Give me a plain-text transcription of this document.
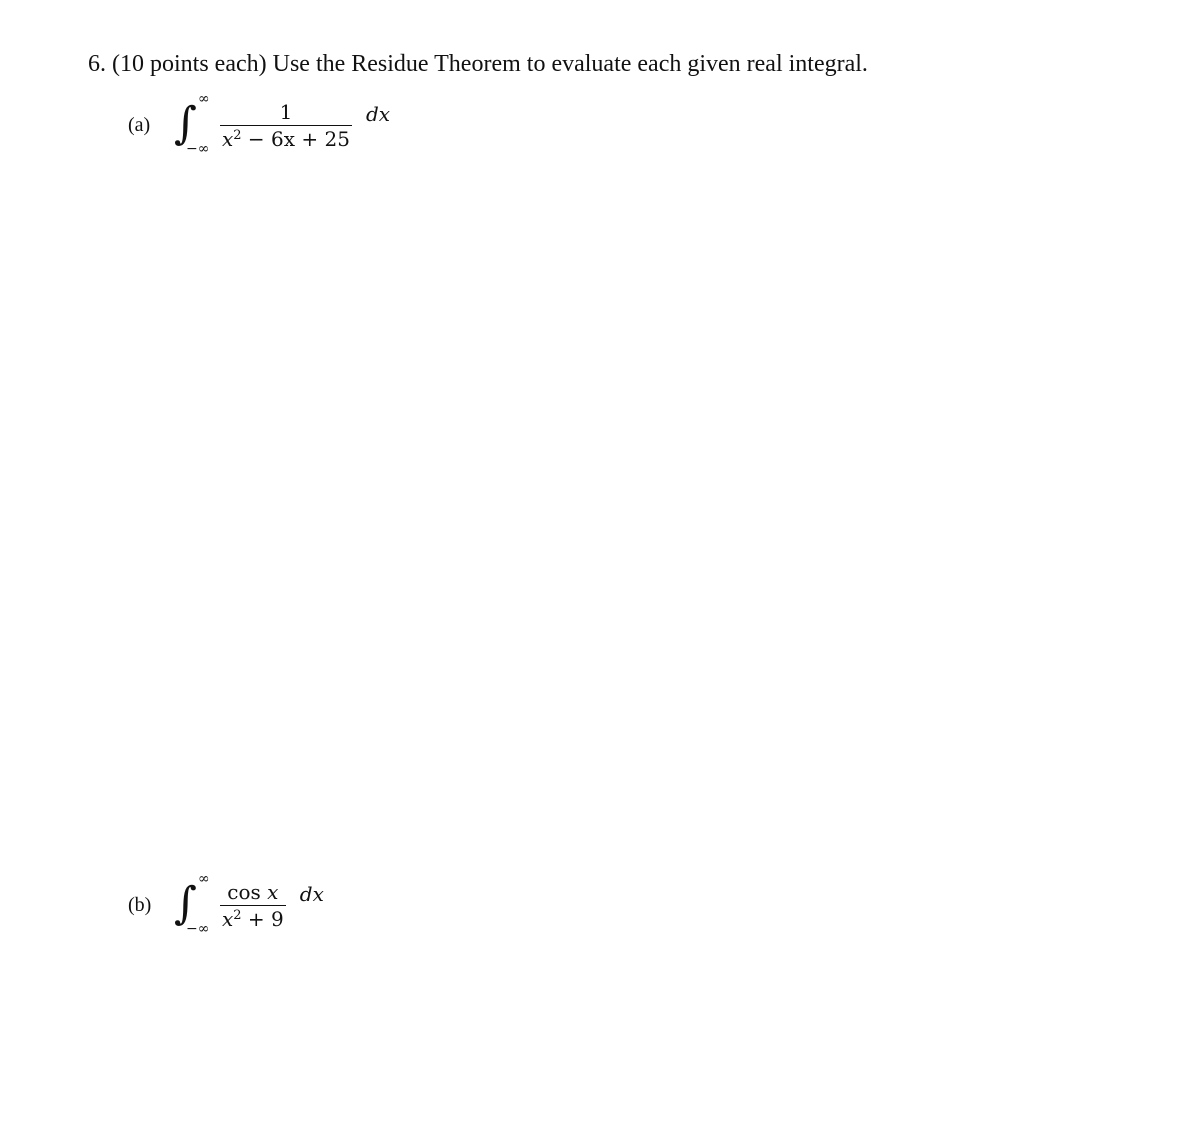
6. (10 points each) Use the Residue Theorem to evaluate each given real integral.
(a) ∫ ∞
−∞ $\frac{1}{x^2 - 6x + 25}$ dx
(b) ∫ ∞
−∞ $\frac{\text{cos x}}{x^2 + 9}$ dx
